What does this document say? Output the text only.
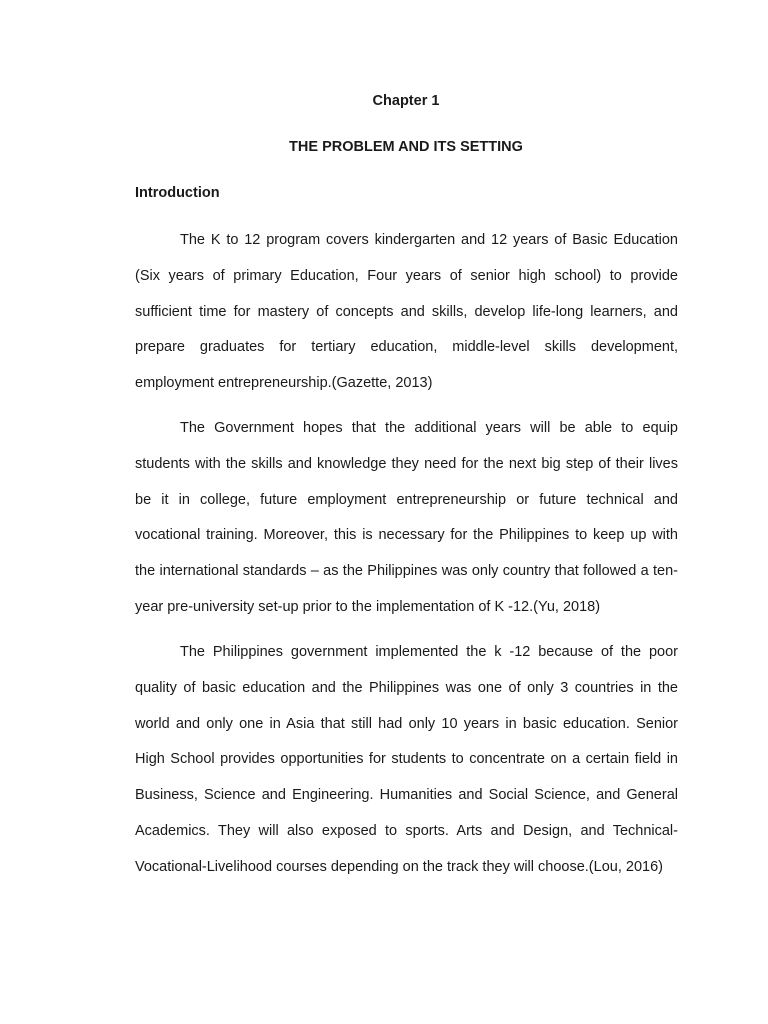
Chapter 1
THE PROBLEM AND ITS SETTING
Introduction

The K to 12 program covers kindergarten and 12 years of Basic Education (Six years of primary Education, Four years of senior high school) to provide sufficient time for mastery of concepts and skills, develop life-long learners, and prepare graduates for tertiary education, middle-level skills development, employment entrepreneurship.(Gazette, 2013)

The Government hopes that the additional years will be able to equip students with the skills and knowledge they need for the next big step of their lives be it in college, future employment entrepreneurship or future technical and vocational training. Moreover, this is necessary for the Philippines to keep up with the international standards – as the Philippines was only country that followed a ten-year pre-university set-up prior to the implementation of K -12.(Yu, 2018)

The Philippines government implemented the k -12 because of the poor quality of basic education and the Philippines was one of only 3 countries in the world and only one in Asia that still had only 10 years in basic education. Senior High School provides opportunities for students to concentrate on a certain field in Business, Science and Engineering. Humanities and Social Science, and General Academics. They will also exposed to sports. Arts and Design, and Technical-Vocational-Livelihood courses depending on the track they will choose.(Lou, 2016)
